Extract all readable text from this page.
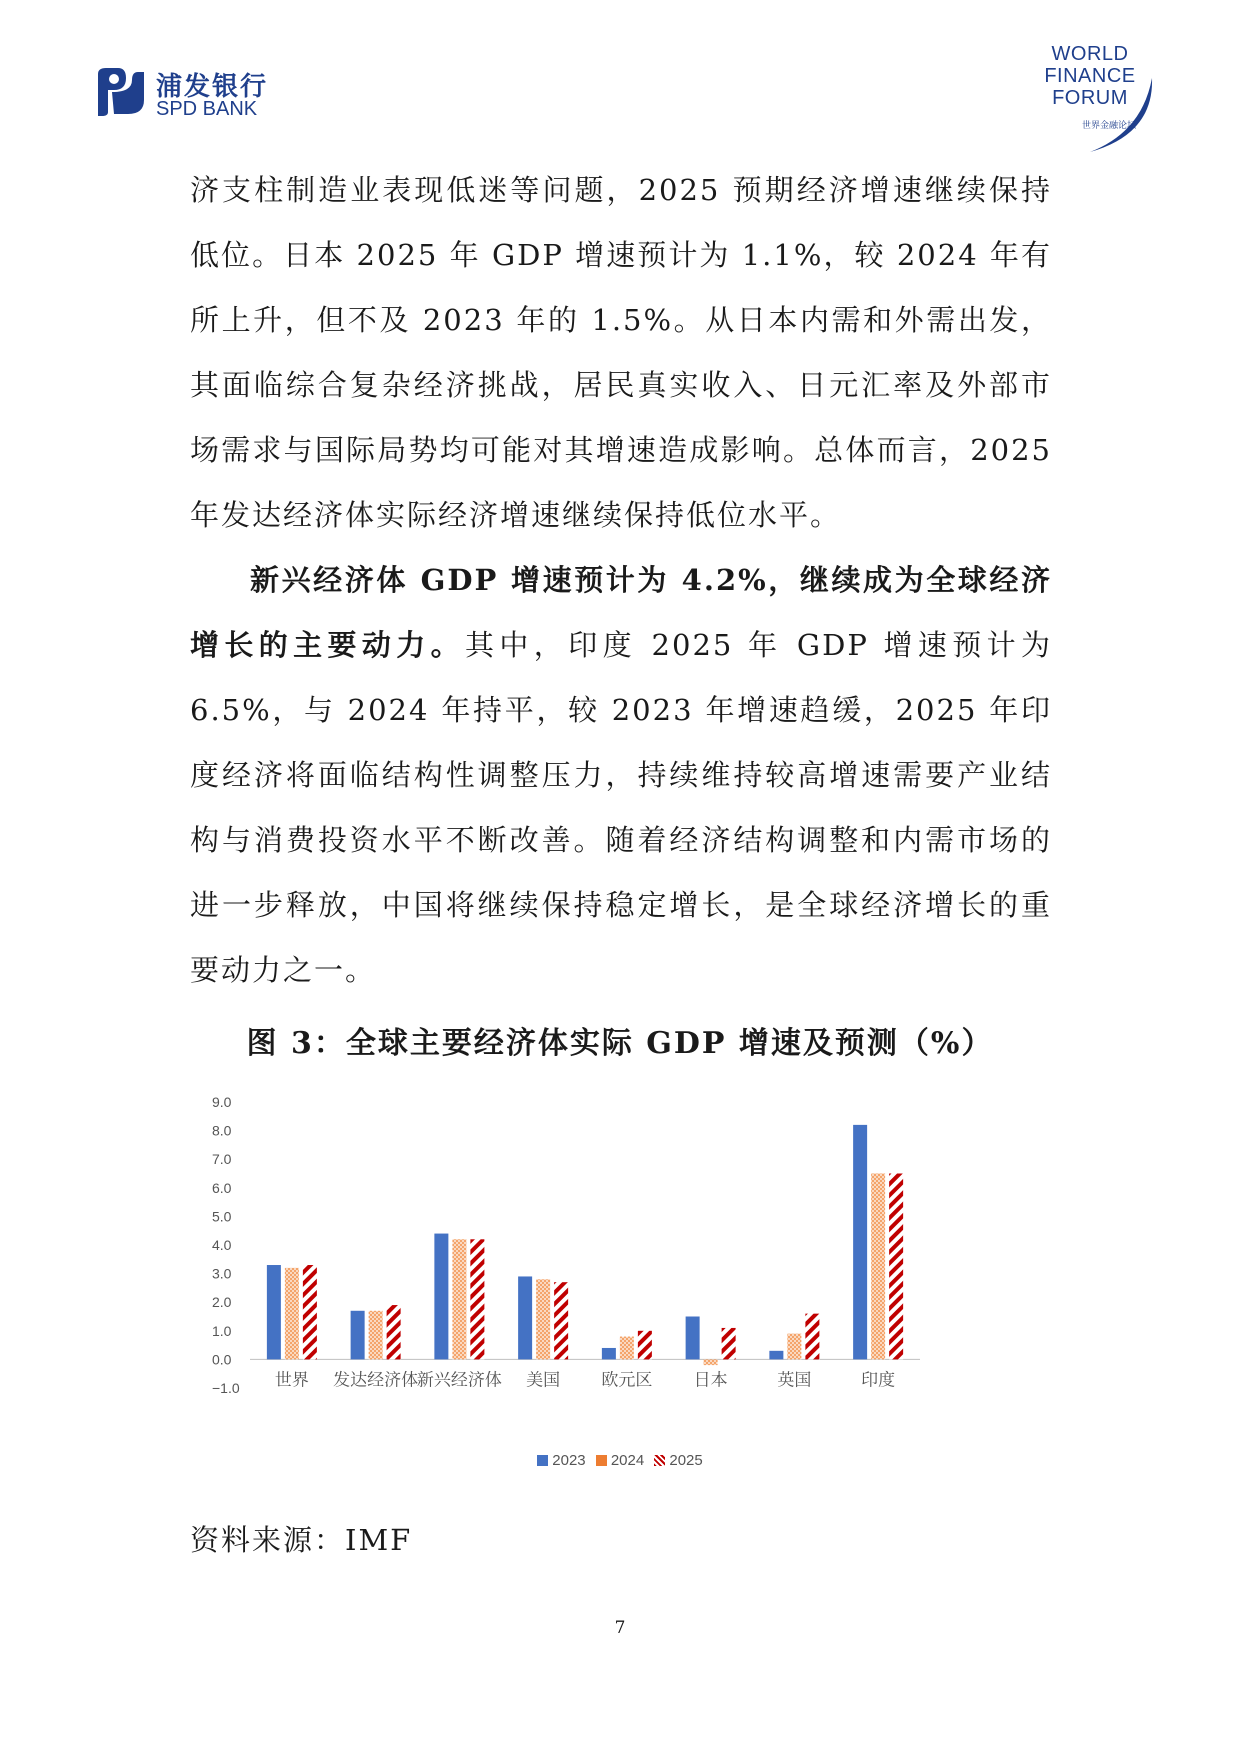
浦发银行
SPD BANK
WORLD
FINANCE
FORUM
世界金融论坛

济支柱制造业表现低迷等问题，2025 预期经济增速继续保持低位。日本 2025 年 GDP 增速预计为 1.1%，较 2024 年有所上升，但不及 2023 年的 1.5%。从日本内需和外需出发，其面临综合复杂经济挑战，居民真实收入、日元汇率及外部市场需求与国际局势均可能对其增速造成影响。总体而言，2025 年发达经济体实际经济增速继续保持低位水平。

新兴经济体 GDP 增速预计为 4.2%，继续成为全球经济增长的主要动力。其中，印度 2025 年 GDP 增速预计为 6.5%，与 2024 年持平，较 2023 年增速趋缓，2025 年印度经济将面临结构性调整压力，持续维持较高增速需要产业结构与消费投资水平不断改善。随着经济结构调整和内需市场的进一步释放，中国将继续保持稳定增长，是全球经济增长的重要动力之一。

图 3：全球主要经济体实际 GDP 增速及预测（%）
9.0
8.0
7.0
6.0
5.0
4.0
3.0
2.0
1.0
0.0
−1.0 世界 发达经济体
新兴经济体 美国 欧元区 日本	英国	印度
2023 2024 2025
资料来源：IMF
7
